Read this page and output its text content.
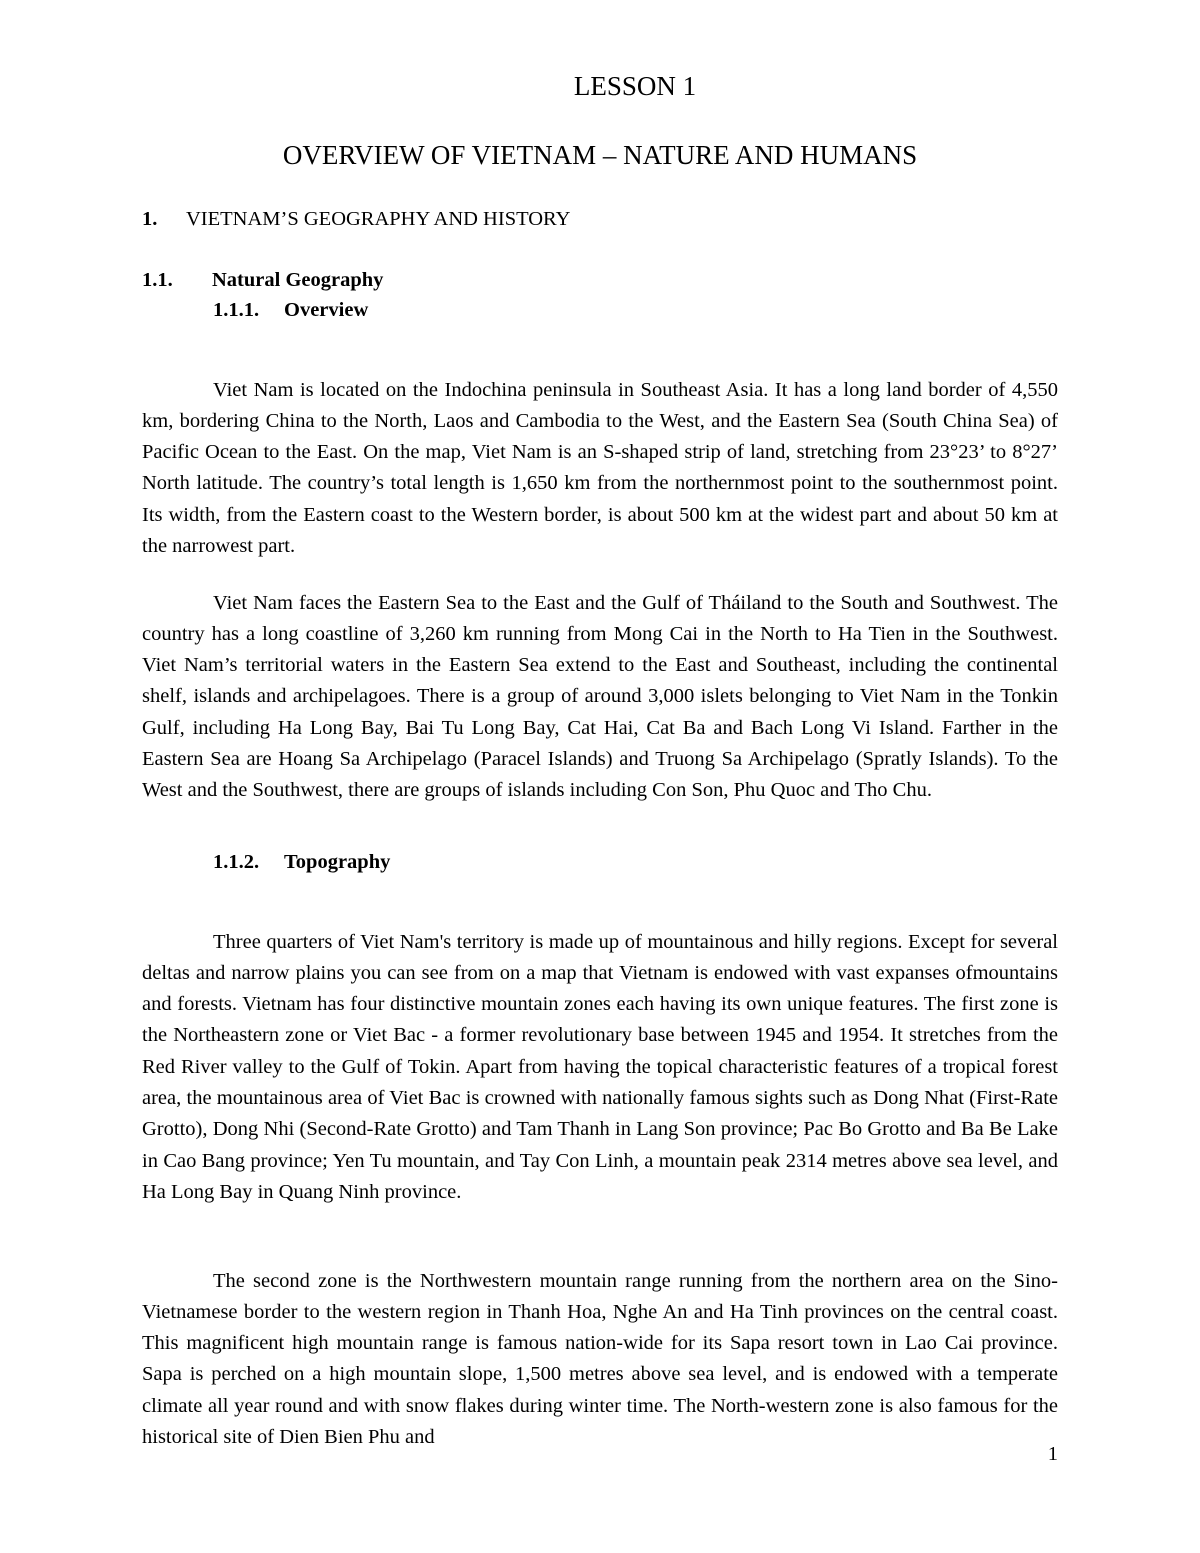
LESSON 1
OVERVIEW OF VIETNAM – NATURE AND HUMANS
1. VIETNAM’S GEOGRAPHY AND HISTORY
1.1. Natural Geography
1.1.1. Overview

Viet Nam is located on the Indochina peninsula in Southeast Asia. It has a long land border of 4,550 km, bordering China to the North, Laos and Cambodia to the West, and the Eastern Sea (South China Sea) of Pacific Ocean to the East. On the map, Viet Nam is an S-shaped strip of land, stretching from 23°23’ to 8°27’ North latitude. The country’s total length is 1,650 km from the northernmost point to the southernmost point. Its width, from the Eastern coast to the Western border, is about 500 km at the widest part and about 50 km at the narrowest part.

Viet Nam faces the Eastern Sea to the East and the Gulf of Tháiland to the South and Southwest. The country has a long coastline of 3,260 km running from Mong Cai in the North to Ha Tien in the Southwest. Viet Nam’s territorial waters in the Eastern Sea extend to the East and Southeast, including the continental shelf, islands and archipelagoes. There is a group of around 3,000 islets belonging to Viet Nam in the Tonkin Gulf, including Ha Long Bay, Bai Tu Long Bay, Cat Hai, Cat Ba and Bach Long Vi Island. Farther in the Eastern Sea are Hoang Sa Archipelago (Paracel Islands) and Truong Sa Archipelago (Spratly Islands). To the West and the Southwest, there are groups of islands including Con Son, Phu Quoc and Tho Chu.

1.1.2. Topography

Three quarters of Viet Nam's territory is made up of mountainous and hilly regions. Except for several deltas and narrow plains you can see from on a map that Vietnam is endowed with vast expanses ofmountains and forests. Vietnam has four distinctive mountain zones each having its own unique features. The first zone is the Northeastern zone or Viet Bac - a former revolutionary base between 1945 and 1954. It stretches from the Red River valley to the Gulf of Tokin. Apart from having the topical characteristic features of a tropical forest area, the mountainous area of Viet Bac is crowned with nationally famous sights such as Dong Nhat (First-Rate Grotto), Dong Nhi (Second-Rate Grotto) and Tam Thanh in Lang Son province; Pac Bo Grotto and Ba Be Lake in Cao Bang province; Yen Tu mountain, and Tay Con Linh, a mountain peak 2314 metres above sea level, and Ha Long Bay in Quang Ninh province.

The second zone is the Northwestern mountain range running from the northern area on the Sino-Vietnamese border to the western region in Thanh Hoa, Nghe An and Ha Tinh provinces on the central coast. This magnificent high mountain range is famous nation-wide for its Sapa resort town in Lao Cai province. Sapa is perched on a high mountain slope, 1,500 metres above sea level, and is endowed with a temperate climate all year round and with snow flakes during winter time. The North-western zone is also famous for the historical site of Dien Bien Phu and

1
